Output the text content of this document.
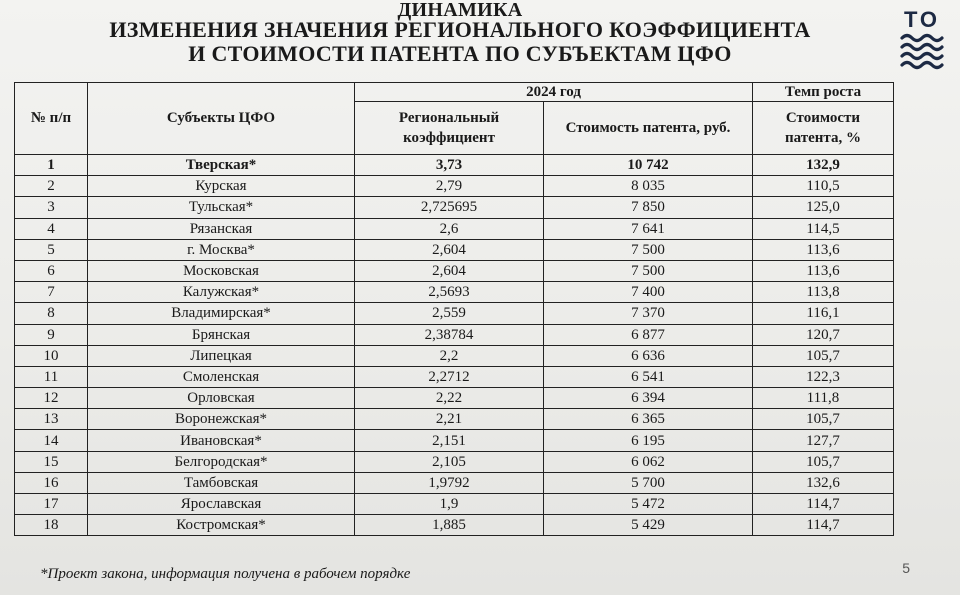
ДИНАМИКА
ИЗМЕНЕНИЯ ЗНАЧЕНИЯ РЕГИОНАЛЬНОГО КОЭФФИЦИЕНТА
И СТОИМОСТИ ПАТЕНТА ПО СУБЪЕКТАМ ЦФО
ТО
№ п/п	Субъекты ЦФО	2024 год		Темп роста
		Региональный коэффициент	Стоимость патента, руб.	Стоимости патента, %
1	Тверская*	3,73	10 742	132,9
2	Курская	2,79	8 035	110,5
3	Тульская*	2,725695	7 850	125,0
4	Рязанская	2,6	7 641	114,5
5	г. Москва*	2,604	7 500	113,6
6	Московская	2,604	7 500	113,6
7	Калужская*	2,5693	7 400	113,8
8	Владимирская*	2,559	7 370	116,1
9	Брянская	2,38784	6 877	120,7
10	Липецкая	2,2	6 636	105,7
11	Смоленская	2,2712	6 541	122,3
12	Орловская	2,22	6 394	111,8
13	Воронежская*	2,21	6 365	105,7
14	Ивановская*	2,151	6 195	127,7
15	Белгородская*	2,105	6 062	105,7
16	Тамбовская	1,9792	5 700	132,6
17	Ярославская	1,9	5 472	114,7
18	Костромская*	1,885	5 429	114,7
*Проект закона, информация получена в рабочем порядке	5
